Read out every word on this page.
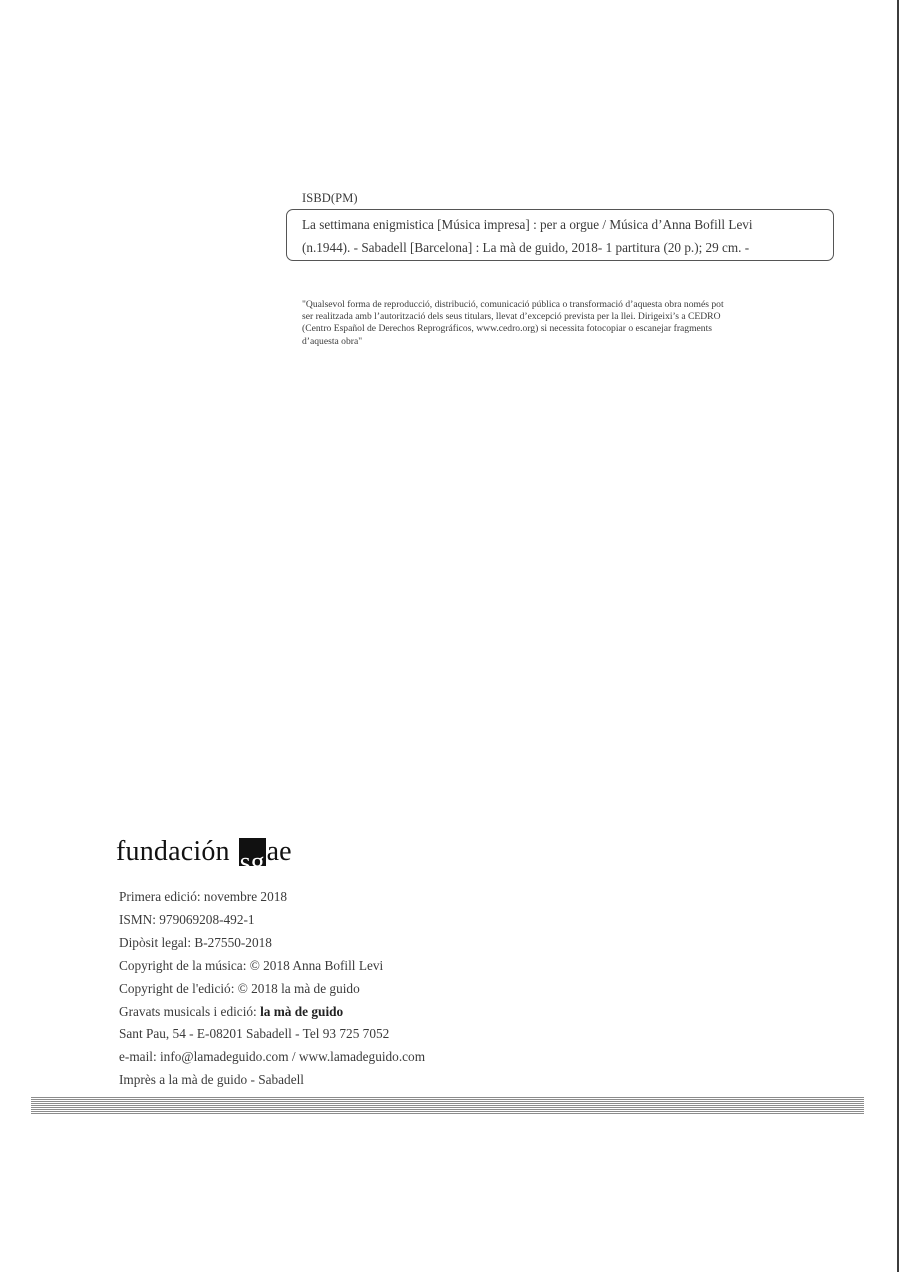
ISBD(PM)
La settimana enigmistica [Música impresa] : per a orgue / Música d’Anna Bofill Levi
(n.1944). - Sabadell [Barcelona] : La mà de guido, 2018- 1 partitura (20 p.); 29 cm. -
"Qualsevol forma de reproducció, distribució, comunicació pública o transformació d’aquesta obra només pot
ser realitzada amb l’autorització dels seus titulars, llevat d’excepció prevista per la llei. Dirigeixi’s a CEDRO
(Centro Español de Derechos Reprográficos, www.cedro.org) si necessita fotocopiar o escanejar fragments
d’aquesta obra"
fundación sg ae
Primera edició: novembre 2018
ISMN: 979069208-492-1
Dipòsit legal: B-27550-2018
Copyright de la música: © 2018 Anna Bofill Levi
Copyright de l'edició: © 2018 la mà de guido
Gravats musicals i edició: la mà de guido
Sant Pau, 54 - E-08201 Sabadell - Tel 93 725 7052
e-mail: info@lamadeguido.com / www.lamadeguido.com
Imprès a la mà de guido - Sabadell
